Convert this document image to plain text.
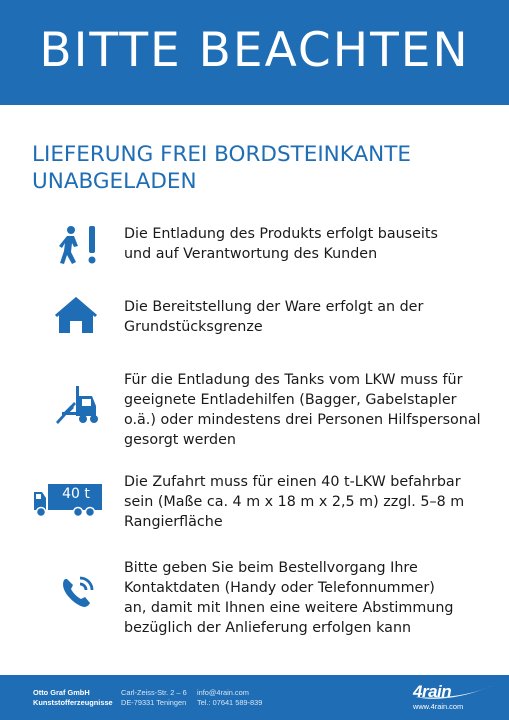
BITTE BEACHTEN
LIEFERUNG FREI BORDSTEINKANTE
UNABGELADEN
Die Entladung des Produkts erfolgt bauseits
und auf Verantwortung des Kunden
Die Bereitstellung der Ware erfolgt an der
Grundstücksgrenze
Für die Entladung des Tanks vom LKW muss für
geeignete Entladehilfen (Bagger, Gabelstapler
o.ä.) oder mindestens drei Personen Hilfspersonal
gesorgt werden
40 t
Die Zufahrt muss für einen 40 t-LKW befahrbar
sein (Maße ca. 4 m x 18 m x 2,5 m) zzgl. 5–8 m
Rangierfläche
Bitte geben Sie beim Bestellvorgang Ihre
Kontaktdaten (Handy oder Telefonnummer)
an, damit mit Ihnen eine weitere Abstimmung
bezüglich der Anlieferung erfolgen kann
Otto Graf GmbH
Kunststofferzeugnisse
Carl-Zeiss-Str. 2 – 6
DE-79331 Teningen
info@4rain.com
Tel.: 07641 589-839
4rain
www.4rain.com
